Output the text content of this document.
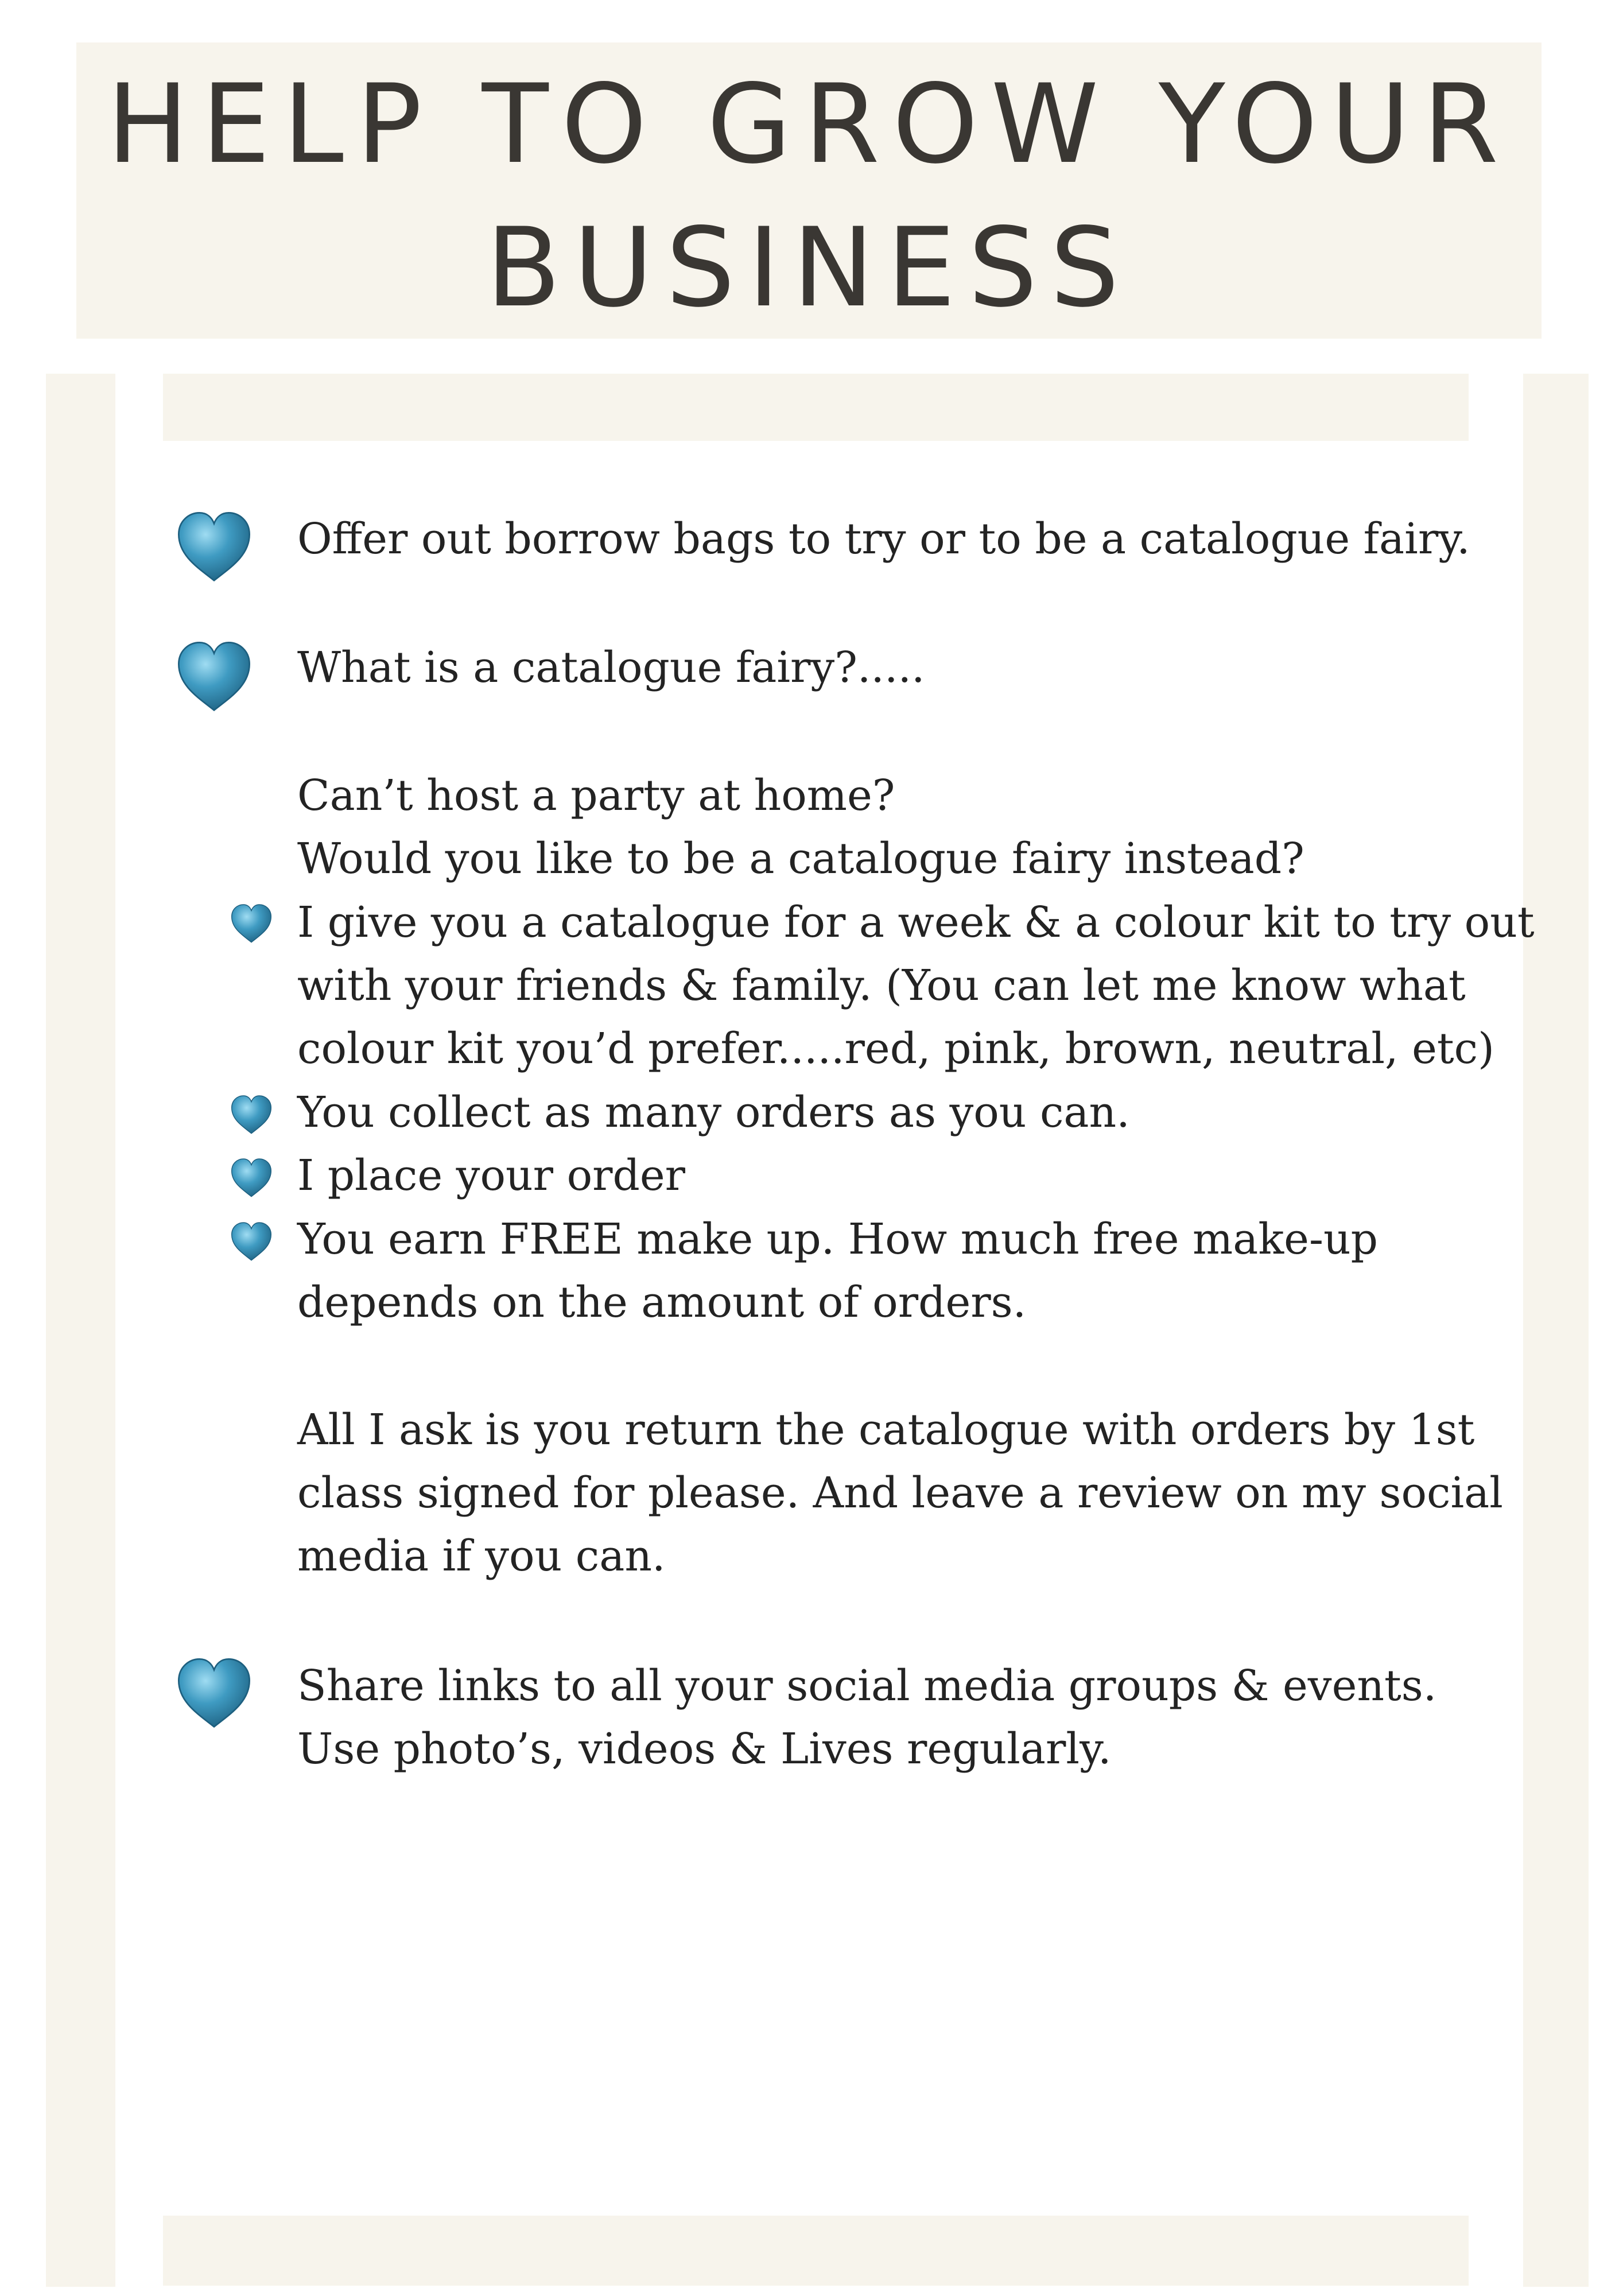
HELP TO GROW YOUR
BUSINESS
Offer out borrow bags to try or to be a catalogue fairy.
What is a catalogue fairy?.....
Can’t host a party at home?
Would you like to be a catalogue fairy instead?
I give you a catalogue for a week & a colour kit to try out
with your friends & family. (You can let me know what
colour kit you’d prefer.....red, pink, brown, neutral, etc)
You collect as many orders as you can.
I place your order
You earn FREE make up. How much free make-up
depends on the amount of orders.
All I ask is you return the catalogue with orders by 1st
class signed for please. And leave a review on my social
media if you can.
Share links to all your social media groups & events.
Use photo’s, videos & Lives regularly.
